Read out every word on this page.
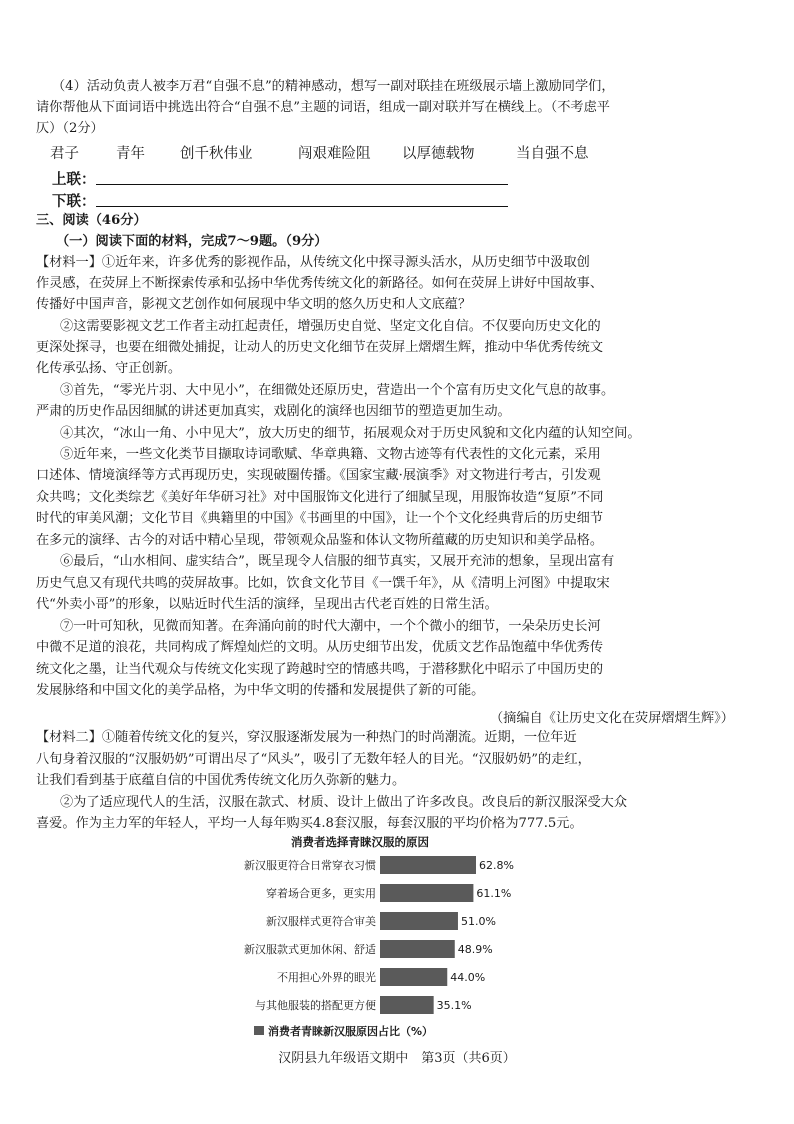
（4）活动负责人被李万君“自强不息”的精神感动，想写一副对联挂在班级展示墙上激励同学们，
请你帮他从下面词语中挑选出符合“自强不息”主题的词语，组成一副对联并写在横线上。（不考虑平
仄）（2分）
君子	青年 创千秋伟业	闯艰难险阻 以厚德载物	当自强不息
上联：
下联：
三、阅读（46分）
（一）阅读下面的材料，完成7～9题。（9分）
【材料一】①近年来，许多优秀的影视作品，从传统文化中探寻源头活水，从历史细节中汲取创
作灵感，在荧屏上不断探索传承和弘扬中华优秀传统文化的新路径。如何在荧屏上讲好中国故事、
传播好中国声音，影视文艺创作如何展现中华文明的悠久历史和人文底蕴？
②这需要影视文艺工作者主动扛起责任，增强历史自觉、坚定文化自信。不仅要向历史文化的
更深处探寻，也要在细微处捕捉，让动人的历史文化细节在荧屏上熠熠生辉，推动中华优秀传统文
化传承弘扬、守正创新。
③首先，“零光片羽、大中见小”，在细微处还原历史，营造出一个个富有历史文化气息的故事。
严肃的历史作品因细腻的讲述更加真实，戏剧化的演绎也因细节的塑造更加生动。
④其次，“冰山一角、小中见大”，放大历史的细节，拓展观众对于历史风貌和文化内蕴的认知空间。
⑤近年来，一些文化类节目撷取诗词歌赋、华章典籍、文物古迹等有代表性的文化元素，采用
口述体、情境演绎等方式再现历史，实现破圈传播。《国家宝藏·展演季》对文物进行考古，引发观
众共鸣；文化类综艺《美好年华研习社》对中国服饰文化进行了细腻呈现，用服饰妆造“复原”不同
时代的审美风潮；文化节目《典籍里的中国》《书画里的中国》，让一个个文化经典背后的历史细节
在多元的演绎、古今的对话中精心呈现，带领观众品鉴和体认文物所蕴藏的历史知识和美学品格。
⑥最后，“山水相间、虚实结合”，既呈现令人信服的细节真实，又展开充沛的想象，呈现出富有
历史气息又有现代共鸣的荧屏故事。比如，饮食文化节目《一馔千年》，从《清明上河图》中提取宋
代“外卖小哥”的形象，以贴近时代生活的演绎，呈现出古代老百姓的日常生活。
⑦一叶可知秋，见微而知著。在奔涌向前的时代大潮中，一个个微小的细节，一朵朵历史长河
中微不足道的浪花，共同构成了辉煌灿烂的文明。从历史细节出发，优质文艺作品饱蕴中华优秀传
统文化之墨，让当代观众与传统文化实现了跨越时空的情感共鸣，于潜移默化中昭示了中国历史的
发展脉络和中国文化的美学品格，为中华文明的传播和发展提供了新的可能。
（摘编自《让历史文化在荧屏熠熠生辉》）
【材料二】①随着传统文化的复兴，穿汉服逐渐发展为一种热门的时尚潮流。近期，一位年近
八旬身着汉服的“汉服奶奶”可谓出尽了“风头”，吸引了无数年轻人的目光。“汉服奶奶”的走红，
让我们看到基于底蕴自信的中国优秀传统文化历久弥新的魅力。
②为了适应现代人的生活，汉服在款式、材质、设计上做出了许多改良。改良后的新汉服深受大众
喜爱。作为主力军的年轻人，平均一人每年购买4.8套汉服，每套汉服的平均价格为777.5元。
消费者选择青睐汉服的原因
新汉服更符合日常穿衣习惯	62.8%
穿着场合更多，更实用	61.1%
新汉服样式更符合审美	51.0%
新汉服款式更加休闲、舒适	48.9%
不用担心外界的眼光	44.0%
与其他服装的搭配更方便	35.1%
消费者青睐新汉服原因占比（%）
汉阴县九年级语文期中　第3页（共6页）
